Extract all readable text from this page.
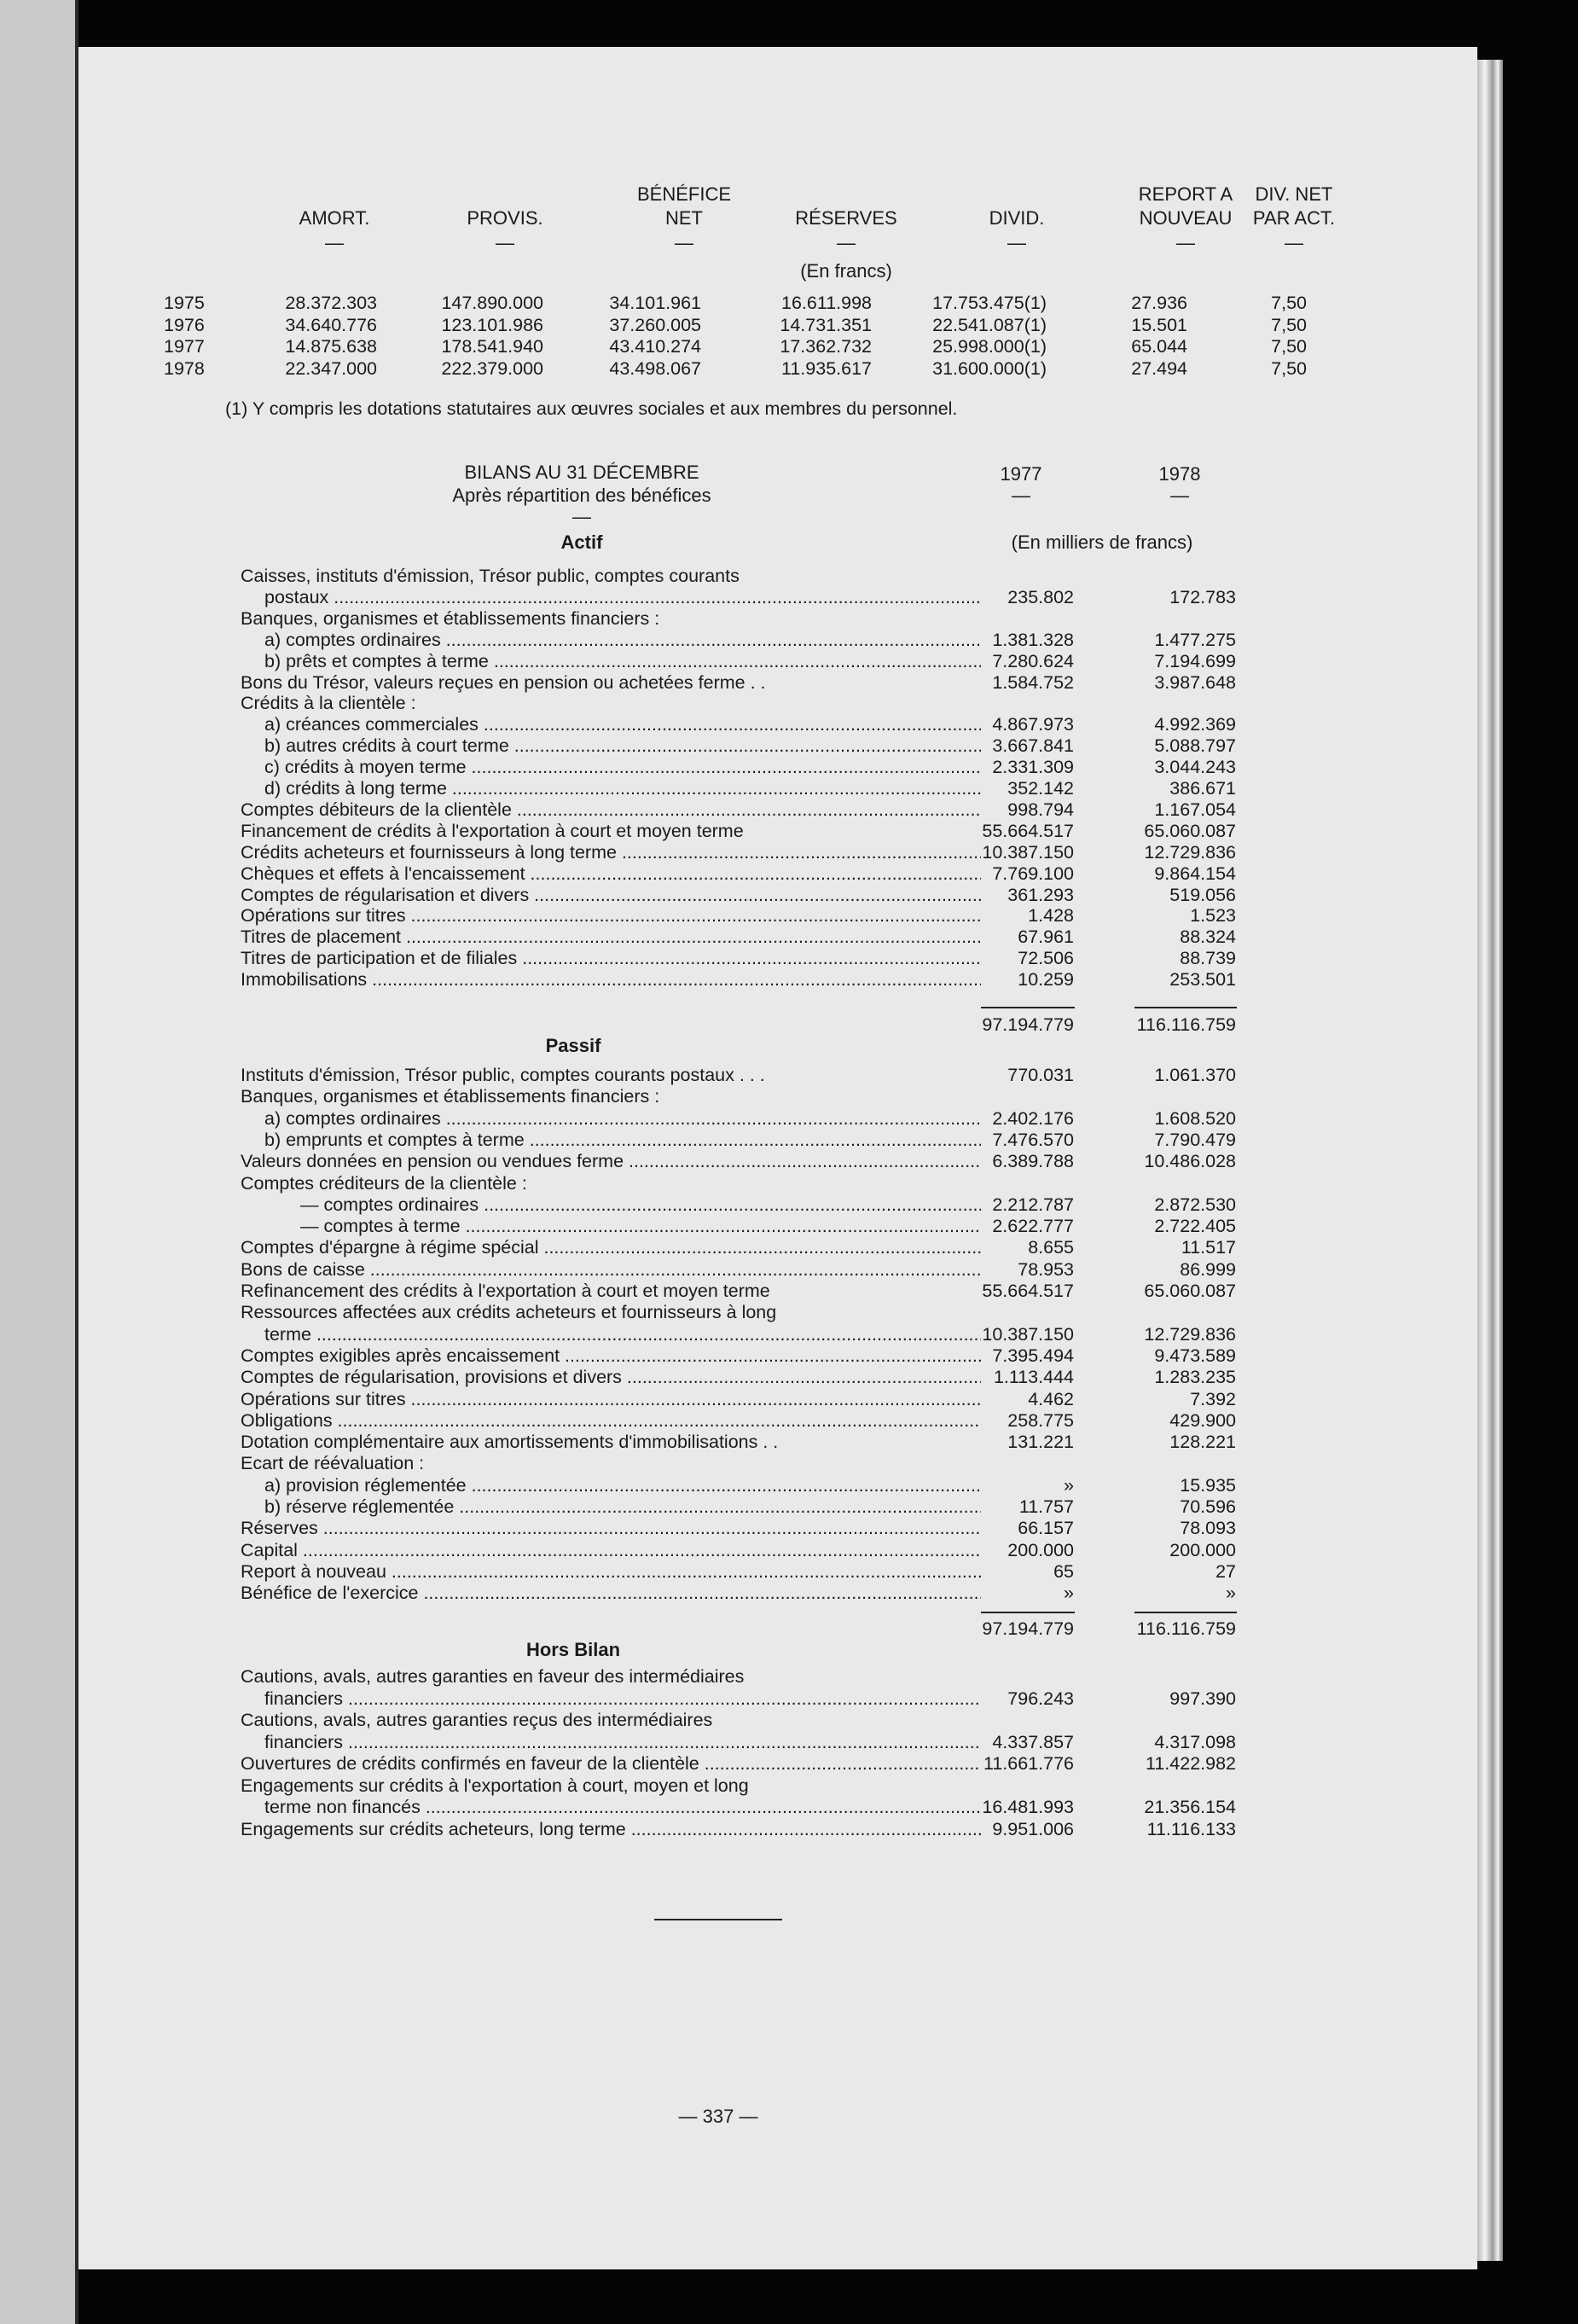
BÉNÉFICE	REPORT A	DIV. NET
AMORT.	PROVIS.	NET	RÉSERVES	DIVID.	NOUVEAU	PAR ACT.
—	—	—	—	—	—	—
(En francs)
1975	28.372.303	147.890.000	34.101.961	16.611.998	17.753.475(1)	27.936	7,50
1976	34.640.776	123.101.986	37.260.005	14.731.351	22.541.087(1)	15.501	7,50
1977	14.875.638	178.541.940	43.410.274	17.362.732	25.998.000(1)	65.044	7,50
1978	22.347.000	222.379.000	43.498.067	11.935.617	31.600.000(1)	27.494	7,50
(1) Y compris les dotations statutaires aux œuvres sociales et aux membres du personnel.
BILANS AU 31 DÉCEMBRE
Après répartition des bénéfices
—
1977	1978
—	—
Actif	(En milliers de francs)
Caisses, instituts d'émission, Trésor public, comptes courants
postaux .....	235.802	172.783
Banques, organismes et établissements financiers :
a) comptes ordinaires .....	1.381.328	1.477.275
b) prêts et comptes à terme .....	7.280.624	7.194.699
Bons du Trésor, valeurs reçues en pension ou achetées ferme . .	1.584.752	3.987.648
Crédits à la clientèle :
a) créances commerciales .....	4.867.973	4.992.369
b) autres crédits à court terme .....	3.667.841	5.088.797
c) crédits à moyen terme .....	2.331.309	3.044.243
d) crédits à long terme .....	352.142	386.671
Comptes débiteurs de la clientèle .....	998.794	1.167.054
Financement de crédits à l'exportation à court et moyen terme	55.664.517	65.060.087
Crédits acheteurs et fournisseurs à long terme .....	10.387.150	12.729.836
Chèques et effets à l'encaissement .....	7.769.100	9.864.154
Comptes de régularisation et divers .....	361.293	519.056
Opérations sur titres .....	1.428	1.523
Titres de placement .....	67.961	88.324
Titres de participation et de filiales .....	72.506	88.739
Immobilisations .....	10.259	253.501
97.194.779	116.116.759
Passif
Instituts d'émission, Trésor public, comptes courants postaux . . .	770.031	1.061.370
Banques, organismes et établissements financiers :
a) comptes ordinaires .....	2.402.176	1.608.520
b) emprunts et comptes à terme .....	7.476.570	7.790.479
Valeurs données en pension ou vendues ferme .....	6.389.788	10.486.028
Comptes créditeurs de la clientèle :
— comptes ordinaires .....	2.212.787	2.872.530
— comptes à terme .....	2.622.777	2.722.405
Comptes d'épargne à régime spécial .....	8.655	11.517
Bons de caisse .....	78.953	86.999
Refinancement des crédits à l'exportation à court et moyen terme	55.664.517	65.060.087
Ressources affectées aux crédits acheteurs et fournisseurs à long
terme .....	10.387.150	12.729.836
Comptes exigibles après encaissement .....	7.395.494	9.473.589
Comptes de régularisation, provisions et divers .....	1.113.444	1.283.235
Opérations sur titres .....	4.462	7.392
Obligations .....	258.775	429.900
Dotation complémentaire aux amortissements d'immobilisations . .	131.221	128.221
Ecart de réévaluation :
a) provision réglementée .....	»	15.935
b) réserve réglementée .....	11.757	70.596
Réserves .....	66.157	78.093
Capital .....	200.000	200.000
Report à nouveau .....	65	27
Bénéfice de l'exercice .....	»	»
97.194.779	116.116.759
Hors Bilan
Cautions, avals, autres garanties en faveur des intermédiaires
financiers .....	796.243	997.390
Cautions, avals, autres garanties reçus des intermédiaires
financiers .....	4.337.857	4.317.098
Ouvertures de crédits confirmés en faveur de la clientèle .....	11.661.776	11.422.982
Engagements sur crédits à l'exportation à court, moyen et long
terme non financés .....	16.481.993	21.356.154
Engagements sur crédits acheteurs, long terme .....	9.951.006	11.116.133
— 337 —
